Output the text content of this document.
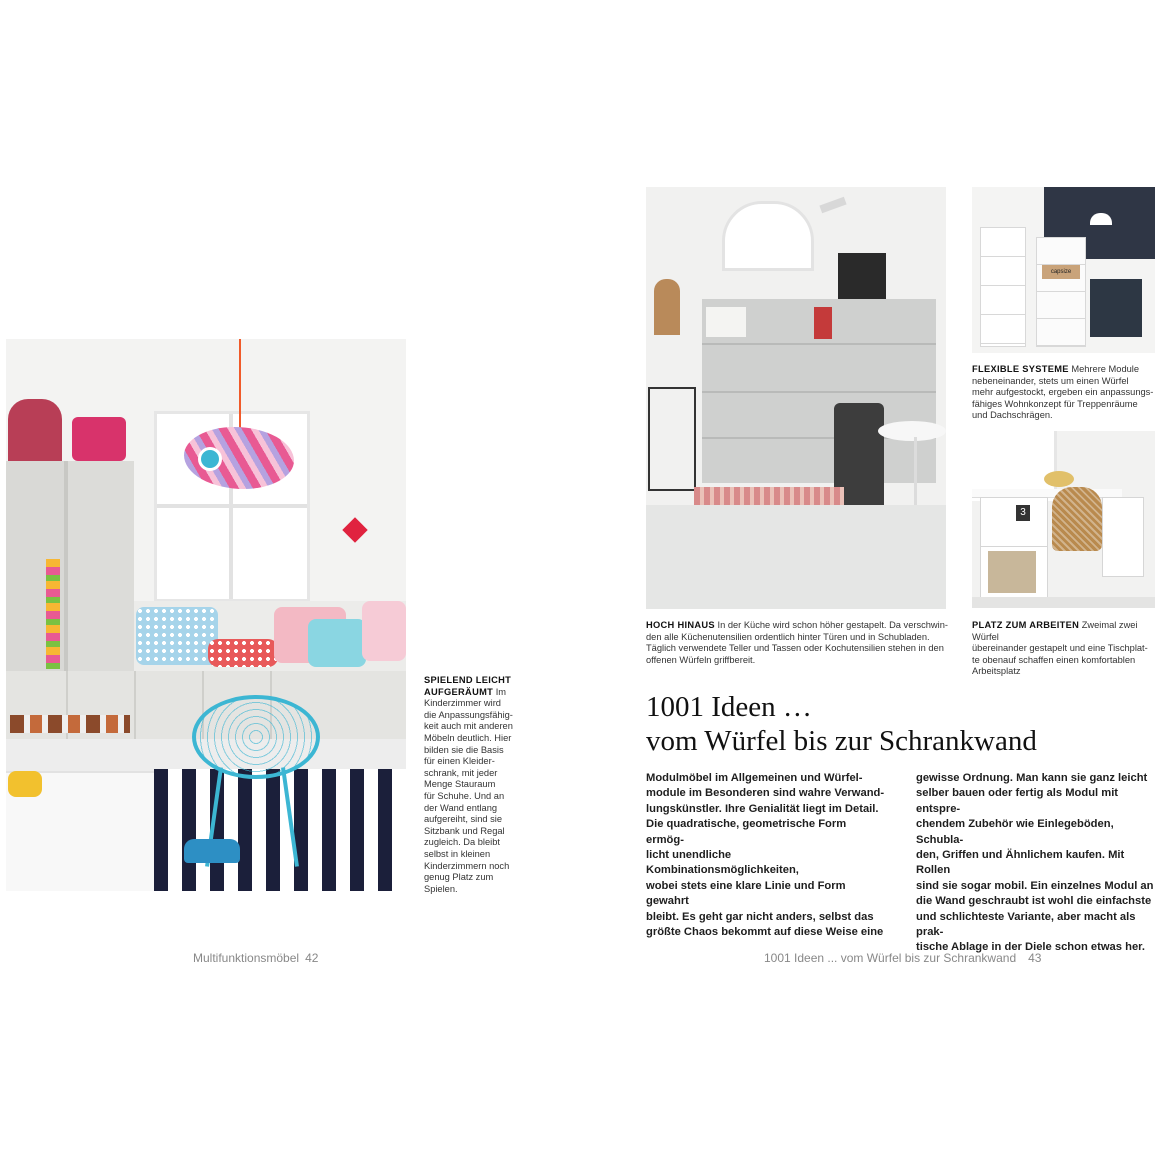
SPIELEND LEICHT
AUFGERÄUMT Im
Kinderzimmer wird
die Anpassungsfähig-
keit auch mit anderen
Möbeln deutlich. Hier
bilden sie die Basis
für einen Kleider-
schrank, mit jeder
Menge Stauraum
für Schuhe. Und an
der Wand entlang
aufgereiht, sind sie
Sitzbank und Regal
zugleich. Da bleibt
selbst in kleinen
Kinderzimmern noch
genug Platz zum
Spielen.
Multifunktionsmöbel 42
capsize
3
HOCH HINAUS In der Küche wird schon höher gestapelt. Da verschwin-
den alle Küchenutensilien ordentlich hinter Türen und in Schubladen.
Täglich verwendete Teller und Tassen oder Kochutensilien stehen in den
offenen Würfeln griffbereit.
FLEXIBLE SYSTEME Mehrere Module
nebeneinander, stets um einen Würfel
mehr aufgestockt, ergeben ein anpassungs-
fähiges Wohnkonzept für Treppenräume
und Dachschrägen.
PLATZ ZUM ARBEITEN Zweimal zwei Würfel
übereinander gestapelt und eine Tischplat-
te obenauf schaffen einen komfortablen
Arbeitsplatz
1001 Ideen …
vom Würfel bis zur Schrankwand
Modulmöbel im Allgemeinen und Würfel-
module im Besonderen sind wahre Verwand-
lungskünstler. Ihre Genialität liegt im Detail.
Die quadratische, geometrische Form ermög-
licht unendliche Kombinationsmöglichkeiten,
wobei stets eine klare Linie und Form gewahrt
bleibt. Es geht gar nicht anders, selbst das
größte Chaos bekommt auf diese Weise eine
gewisse Ordnung. Man kann sie ganz leicht
selber bauen oder fertig als Modul mit entspre-
chendem Zubehör wie Einlegeböden, Schubla-
den, Griffen und Ähnlichem kaufen. Mit Rollen
sind sie sogar mobil. Ein einzelnes Modul an
die Wand geschraubt ist wohl die einfachste
und schlichteste Variante, aber macht als prak-
tische Ablage in der Diele schon etwas her.
1001 Ideen ... vom Würfel bis zur Schrankwand 43
